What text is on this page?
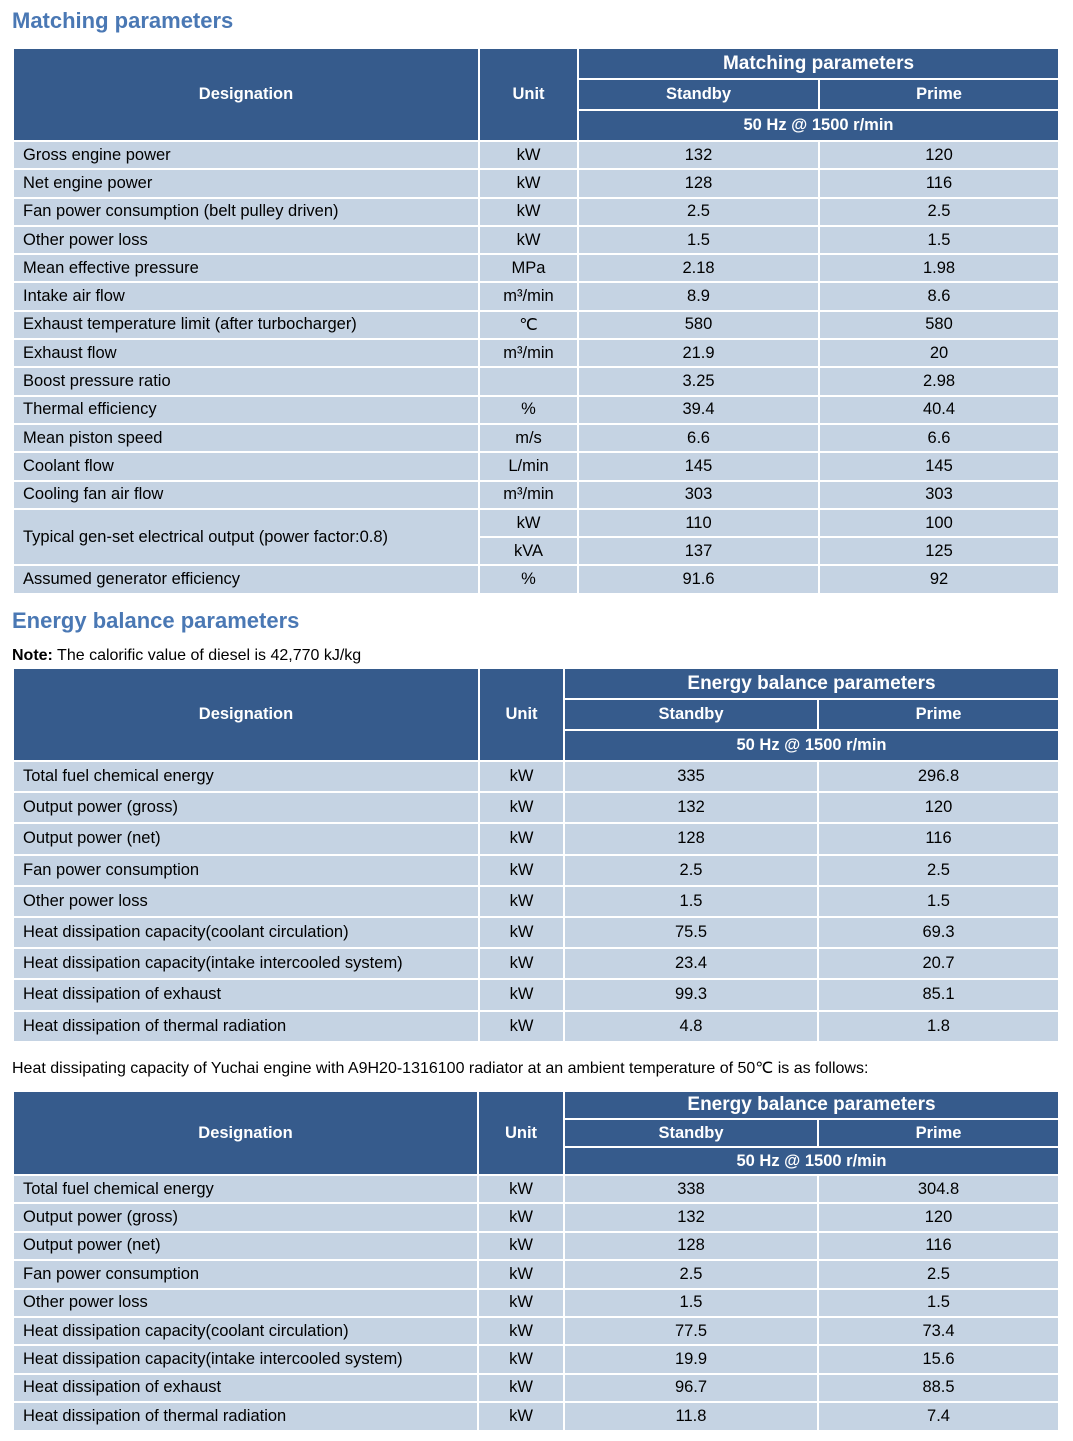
Matching parameters
Designation	Unit	Matching parameters	
		Standby	Prime
		50 Hz @ 1500 r/min	
Gross engine power	kW	132	120
Net engine power	kW	128	116
Fan power consumption (belt pulley driven)	kW	2.5	2.5
Other power loss	kW	1.5	1.5
Mean effective pressure	MPa	2.18	1.98
Intake air flow	m³/min	8.9	8.6
Exhaust temperature limit (after turbocharger)	℃	580	580
Exhaust flow	m³/min	21.9	20
Boost pressure ratio		3.25	2.98
Thermal efficiency	%	39.4	40.4
Mean piston speed	m/s	6.6	6.6
Coolant flow	L/min	145	145
Cooling fan air flow	m³/min	303	303
Typical gen-set electrical output (power factor:0.8)	kW	110	100
	kVA	137	125
Assumed generator efficiency	%	91.6	92
Energy balance parameters

Note: The calorific value of diesel is 42,770 kJ/kg

Designation	Unit	Energy balance parameters	
		Standby	Prime
		50 Hz @ 1500 r/min	
Total fuel chemical energy	kW	335	296.8
Output power (gross)	kW	132	120
Output power (net)	kW	128	116
Fan power consumption	kW	2.5	2.5
Other power loss	kW	1.5	1.5
Heat dissipation capacity(coolant circulation)	kW	75.5	69.3
Heat dissipation capacity(intake intercooled system)	kW	23.4	20.7
Heat dissipation of exhaust	kW	99.3	85.1
Heat dissipation of thermal radiation	kW	4.8	1.8

Heat dissipating capacity of Yuchai engine with A9H20-1316100 radiator at an ambient temperature of 50℃ is as follows:

Designation	Unit	Energy balance parameters	
		Standby	Prime
		50 Hz @ 1500 r/min	
Total fuel chemical energy	kW	338	304.8
Output power (gross)	kW	132	120
Output power (net)	kW	128	116
Fan power consumption	kW	2.5	2.5
Other power loss	kW	1.5	1.5
Heat dissipation capacity(coolant circulation)	kW	77.5	73.4
Heat dissipation capacity(intake intercooled system)	kW	19.9	15.6
Heat dissipation of exhaust	kW	96.7	88.5
Heat dissipation of thermal radiation	kW	11.8	7.4
